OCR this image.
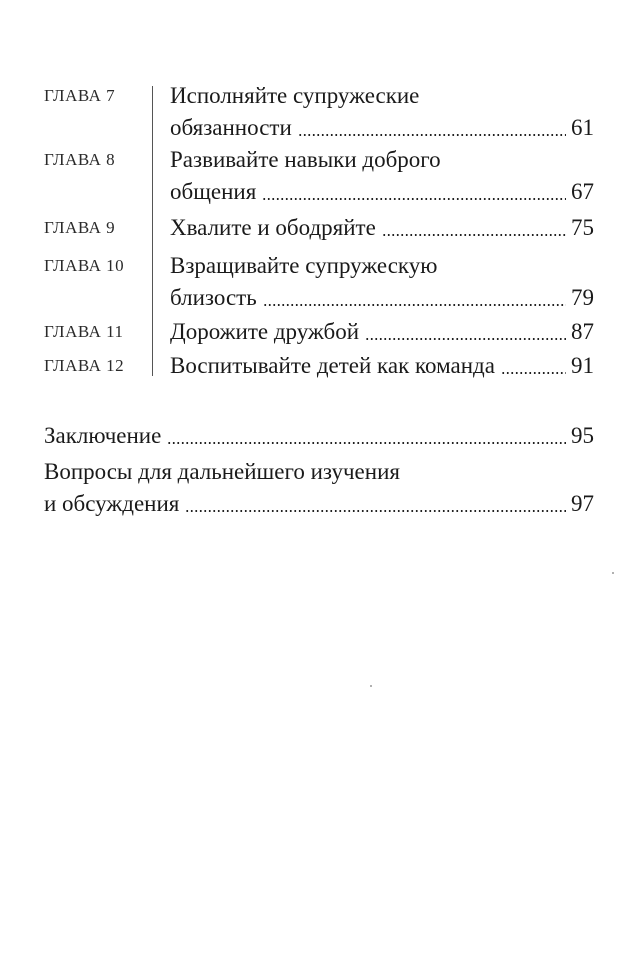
ГЛАВА 7 Исполняйте супружеские
обязанности	61
ГЛАВА 8 Развивайте навыки доброго
общения	67
ГЛАВА 9 Хвалите и ободряйте	75
ГЛАВА 10 Взращивайте супружескую
близость	79
ГЛАВА 11 Дорожите дружбой	87
ГЛАВА 12 Воспитывайте детей как команда	91
Заключение	95
Вопросы для дальнейшего изучения
и обсуждения	97
